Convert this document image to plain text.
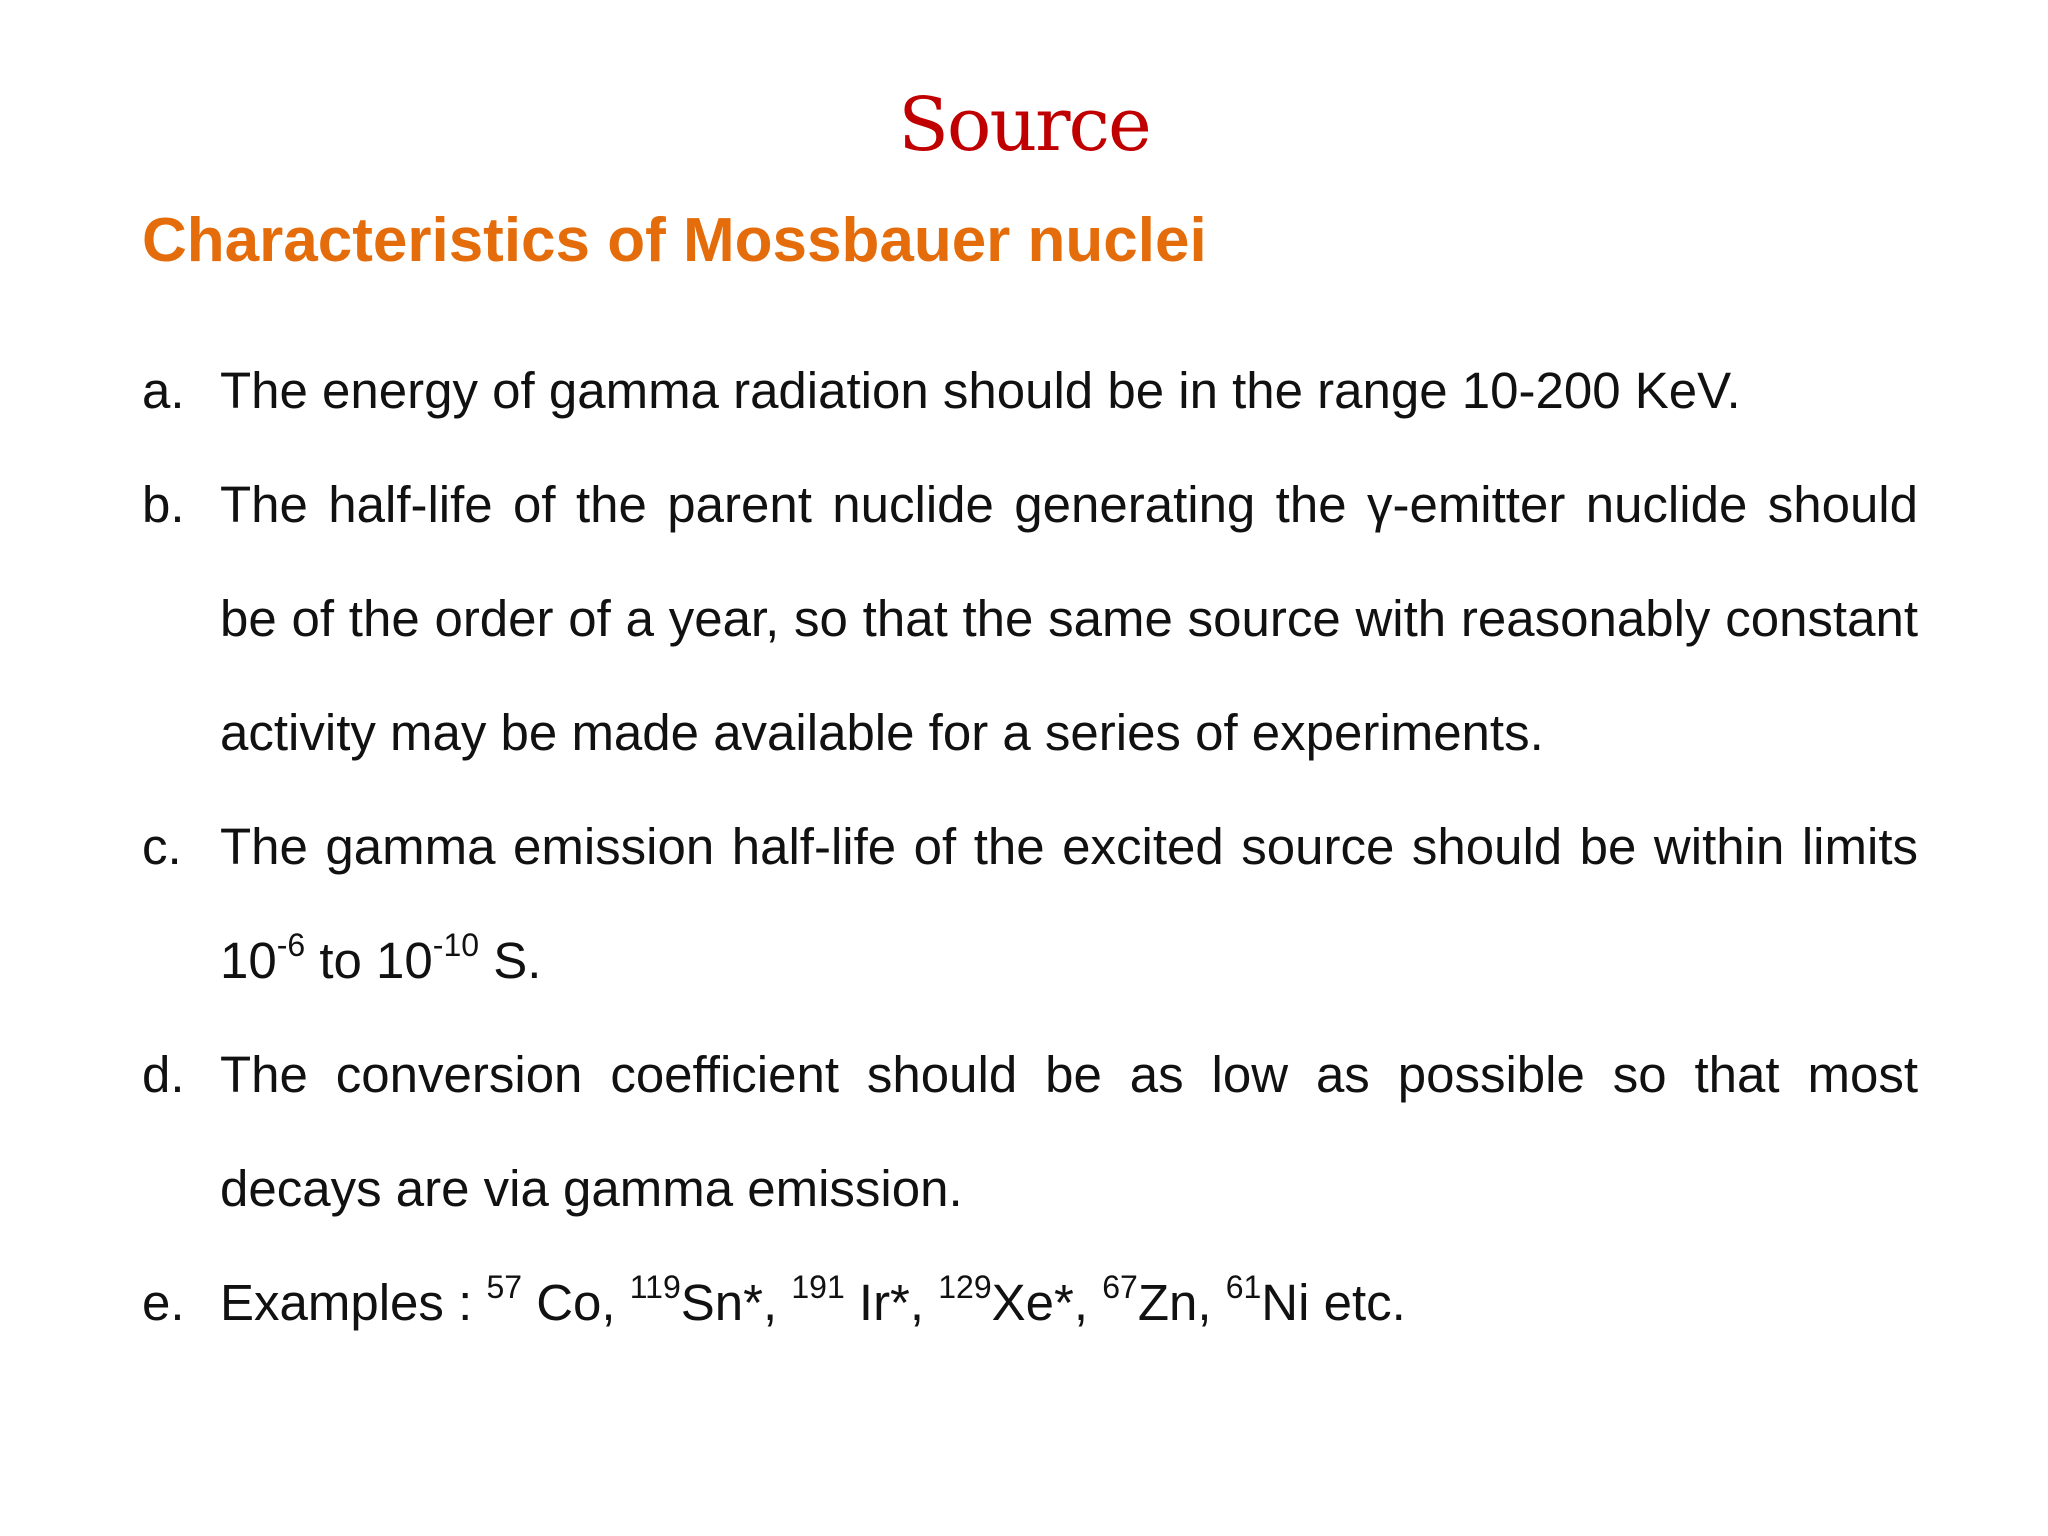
Source
Characteristics of Mossbauer nuclei
a. The energy of gamma radiation should be in the range 10-200 KeV.
b. The half-life of the parent nuclide generating the γ-emitter nuclide should be of the order of a year, so that the same source with reasonably constant activity may be made available for a series of experiments.
c. The gamma emission half-life of the excited source should be within limits $10^{-6}$ to $10^{-10}$ S.
d. The conversion coefficient should be as low as possible so that most decays are via gamma emission.
e. Examples : $^{57}$ Co, $^{119}$Sn*, $^{191}$ Ir*, $^{129}$Xe*, $^{67}$Zn, $^{61}$Ni etc.
